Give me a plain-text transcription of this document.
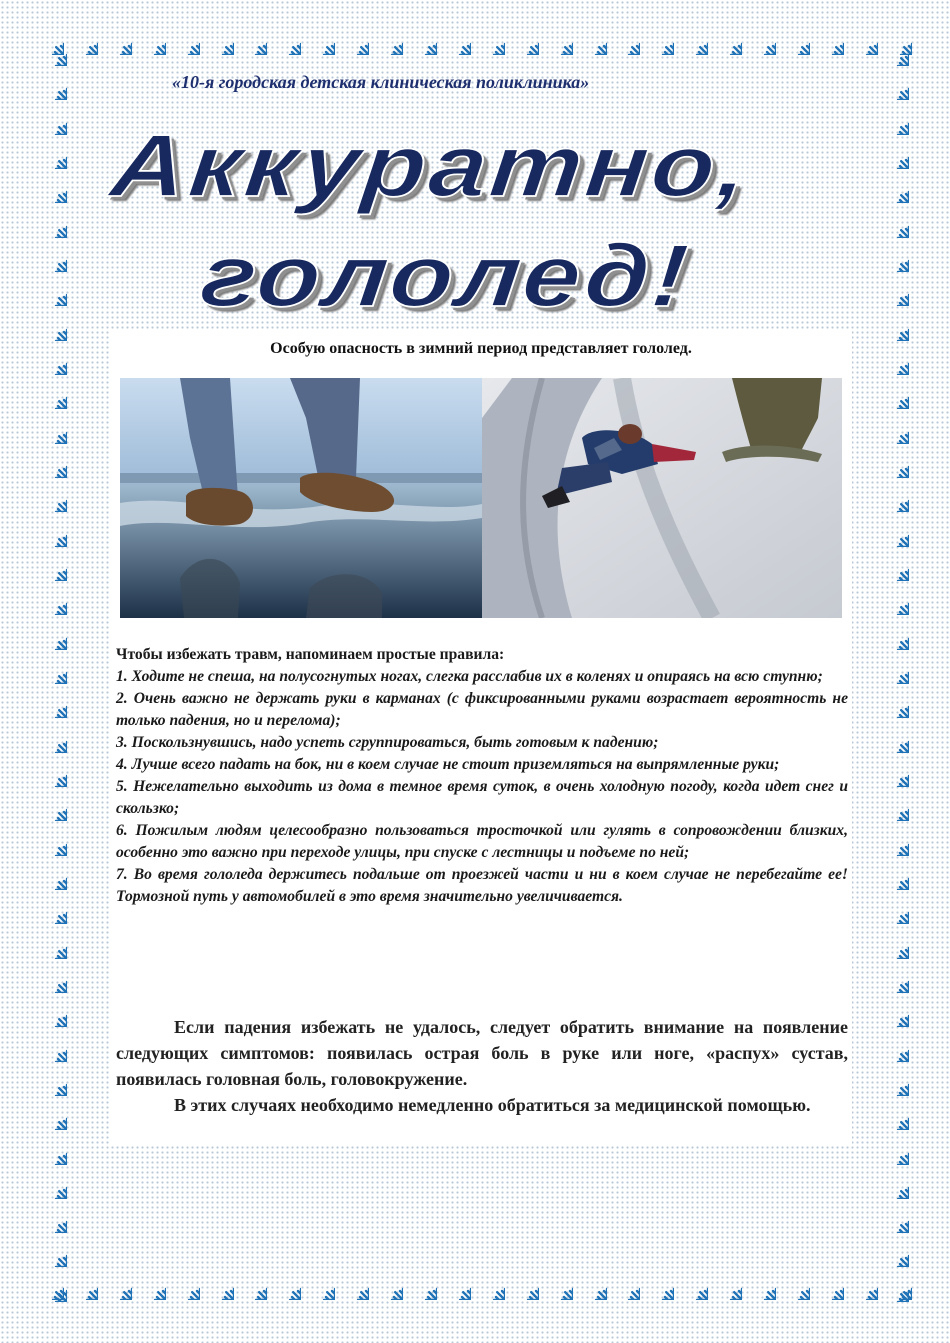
«10-я городская детская клиническая поликлиника»
Аккуратно,
гололед!
Особую опасность в зимний период представляет гололед.

Чтобы избежать травм, напоминаем простые правила:

1. Ходите не спеша, на полусогнутых ногах, слегка расслабив их в коленях и опираясь на всю ступню;

2. Очень важно не держать руки в карманах (с фиксированными руками возрастает вероятность не только падения, но и перелома);

3. Поскользнувшись, надо успеть сгруппироваться, быть готовым к падению;

4. Лучше всего падать на бок, ни в коем случае не стоит приземляться на выпрямленные руки;

5. Нежелательно выходить из дома в темное время суток, в очень холодную погоду, когда идет снег и скользко;

6. Пожилым людям целесообразно пользоваться тросточкой или гулять в сопровождении близких, особенно это важно при переходе улицы, при спуске с лестницы и подъеме по ней;

7. Во время гололеда держитесь подальше от проезжей части и ни в коем случае не перебегайте ее! Тормозной путь у автомобилей в это время значительно увеличивается.

Если падения избежать не удалось, следует обратить внимание на появление следующих симптомов: появилась острая боль в руке или ноге, «распух» сустав, появилась головная боль, головокружение.

В этих случаях необходимо немедленно обратиться за медицинской помощью.
